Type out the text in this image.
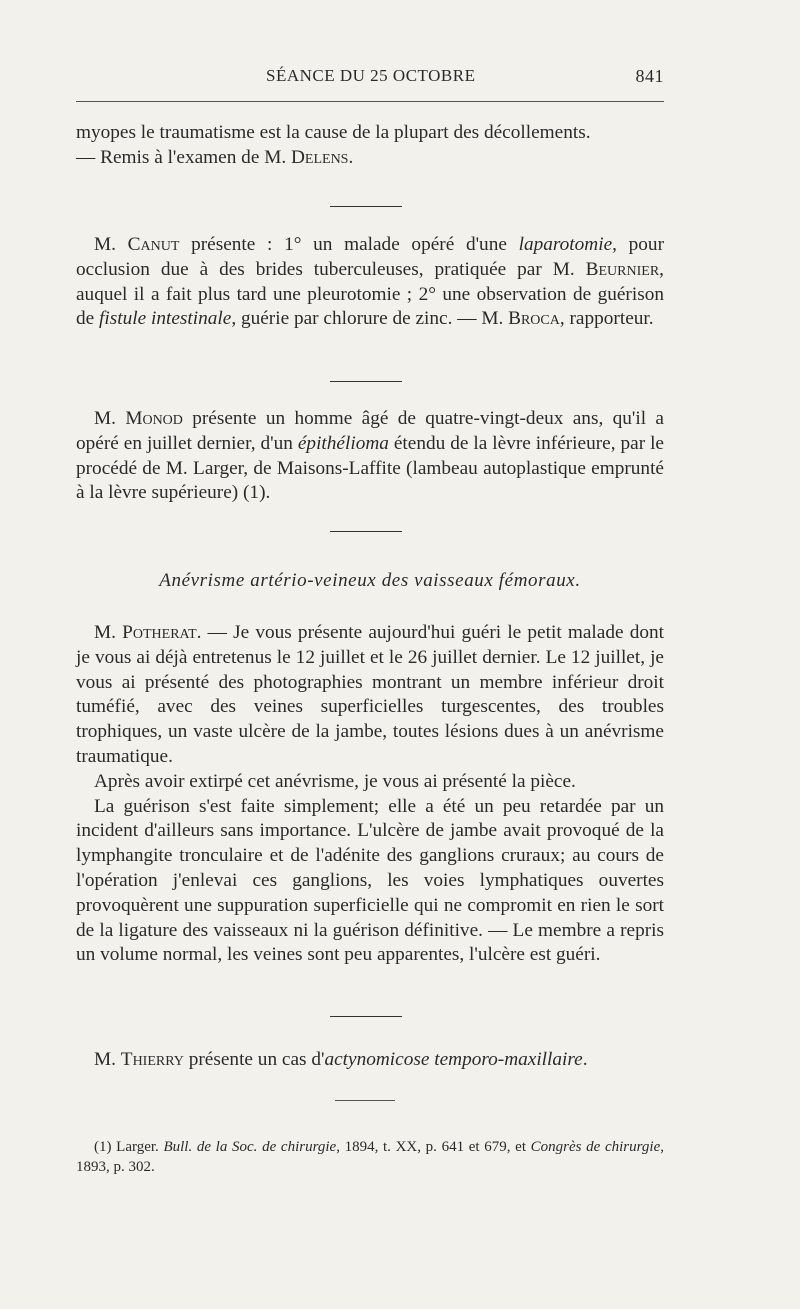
SÉANCE DU 25 OCTOBRE	841

myopes le traumatisme est la cause de la plupart des décollements.
— Remis à l'examen de M. Delens.

M. Canut présente : 1° un malade opéré d'une laparotomie, pour occlusion due à des brides tuberculeuses, pratiquée par M. Beurnier, auquel il a fait plus tard une pleurotomie ; 2° une observation de guérison de fistule intestinale, guérie par chlorure de zinc. — M. Broca, rapporteur.

M. Monod présente un homme âgé de quatre-vingt-deux ans, qu'il a opéré en juillet dernier, d'un épithélioma étendu de la lèvre inférieure, par le procédé de M. Larger, de Maisons-Laffite (lambeau autoplastique emprunté à la lèvre supérieure) (1).

Anévrisme artério-veineux des vaisseaux fémoraux.

M. Potherat. — Je vous présente aujourd'hui guéri le petit malade dont je vous ai déjà entretenus le 12 juillet et le 26 juillet dernier. Le 12 juillet, je vous ai présenté des photographies montrant un membre inférieur droit tuméfié, avec des veines superficielles turgescentes, des troubles trophiques, un vaste ulcère de la jambe, toutes lésions dues à un anévrisme traumatique.

Après avoir extirpé cet anévrisme, je vous ai présenté la pièce.

La guérison s'est faite simplement; elle a été un peu retardée par un incident d'ailleurs sans importance. L'ulcère de jambe avait provoqué de la lymphangite tronculaire et de l'adénite des ganglions cruraux; au cours de l'opération j'enlevai ces ganglions, les voies lymphatiques ouvertes provoquèrent une suppuration superficielle qui ne compromit en rien le sort de la ligature des vaisseaux ni la guérison définitive. — Le membre a repris un volume normal, les veines sont peu apparentes, l'ulcère est guéri.

M. Thierry présente un cas d'actynomicose temporo-maxillaire.

(1) Larger. Bull. de la Soc. de chirurgie, 1894, t. XX, p. 641 et 679, et Congrès de chirurgie, 1893, p. 302.
